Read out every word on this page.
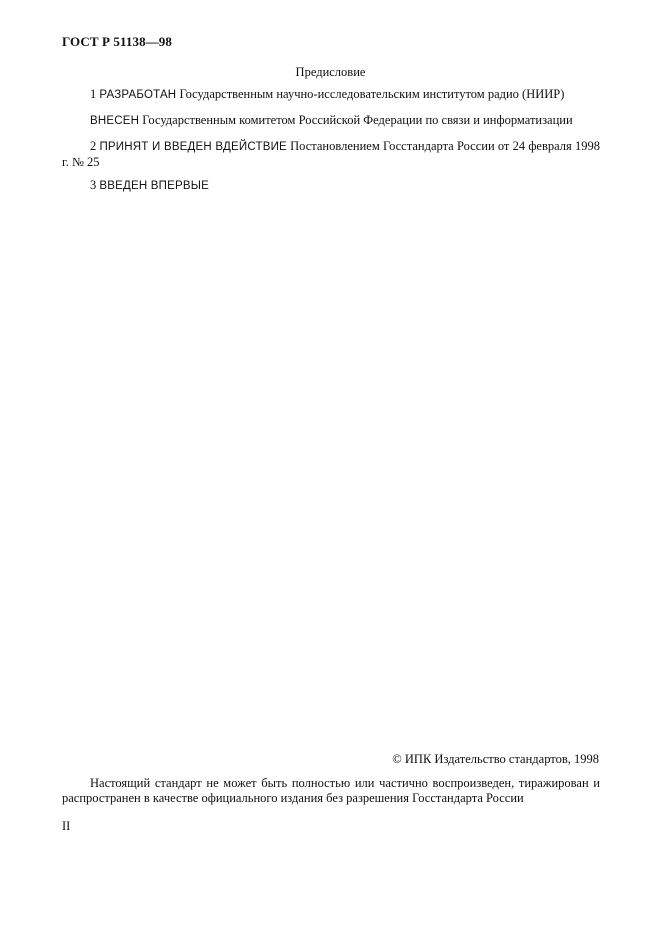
ГОСТ Р 51138—98
Предисловие
1 РАЗРАБОТАН Государственным научно-исследовательским институтом радио (НИИР)
ВНЕСЕН Государственным комитетом Российской Федерации по связи и информатизации
2 ПРИНЯТ И ВВЕДЕН ВДЕЙСТВИЕ Постановлением Госстандарта России от 24 февраля 1998 г. № 25
3 ВВЕДЕН ВПЕРВЫЕ
© ИПК Издательство стандартов, 1998
Настоящий стандарт не может быть полностью или частично воспроизведен, тиражирован и распространен в качестве официального издания без разрешения Госстандарта России
II
